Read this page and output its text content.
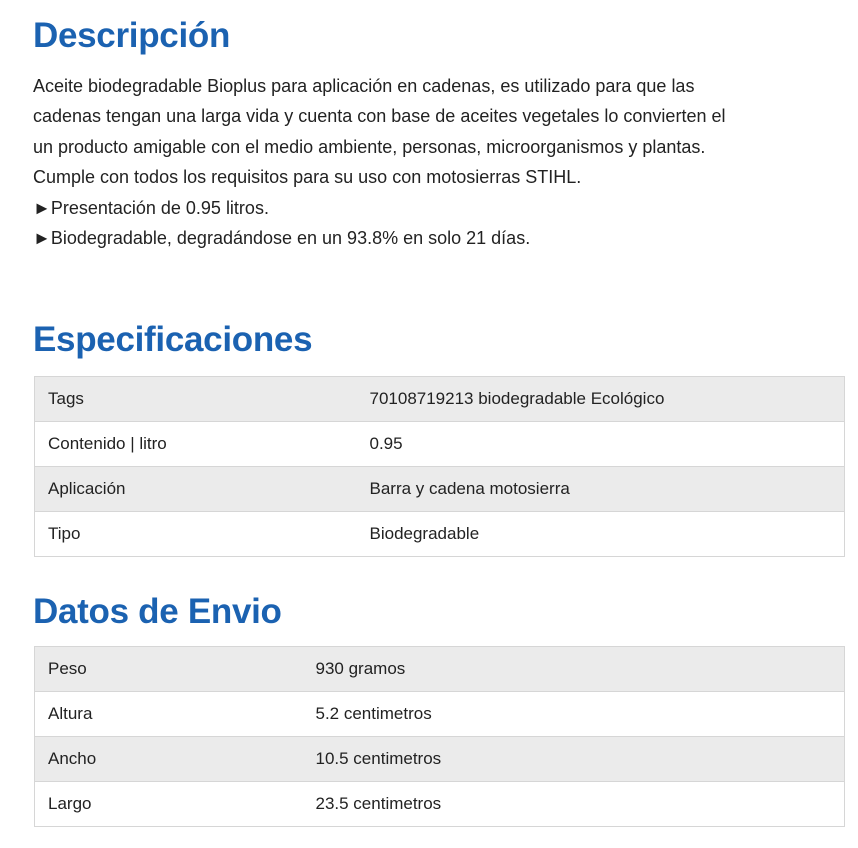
Descripción

Aceite biodegradable Bioplus para aplicación en cadenas, es utilizado para que las

cadenas tengan una larga vida y cuenta con base de aceites vegetales lo convierten el

un producto amigable con el medio ambiente, personas, microorganismos y plantas.

Cumple con todos los requisitos para su uso con motosierras STIHL.

►Presentación de 0.95 litros.

►Biodegradable, degradándose en un 93.8% en solo 21 días.

Especificaciones
Tags	70108719213 biodegradable Ecológico
Contenido | litro	0.95
Aplicación	Barra y cadena motosierra
Tipo	Biodegradable
Datos de Envio
Peso	930 gramos
Altura	5.2 centimetros
Ancho	10.5 centimetros
Largo	23.5 centimetros
